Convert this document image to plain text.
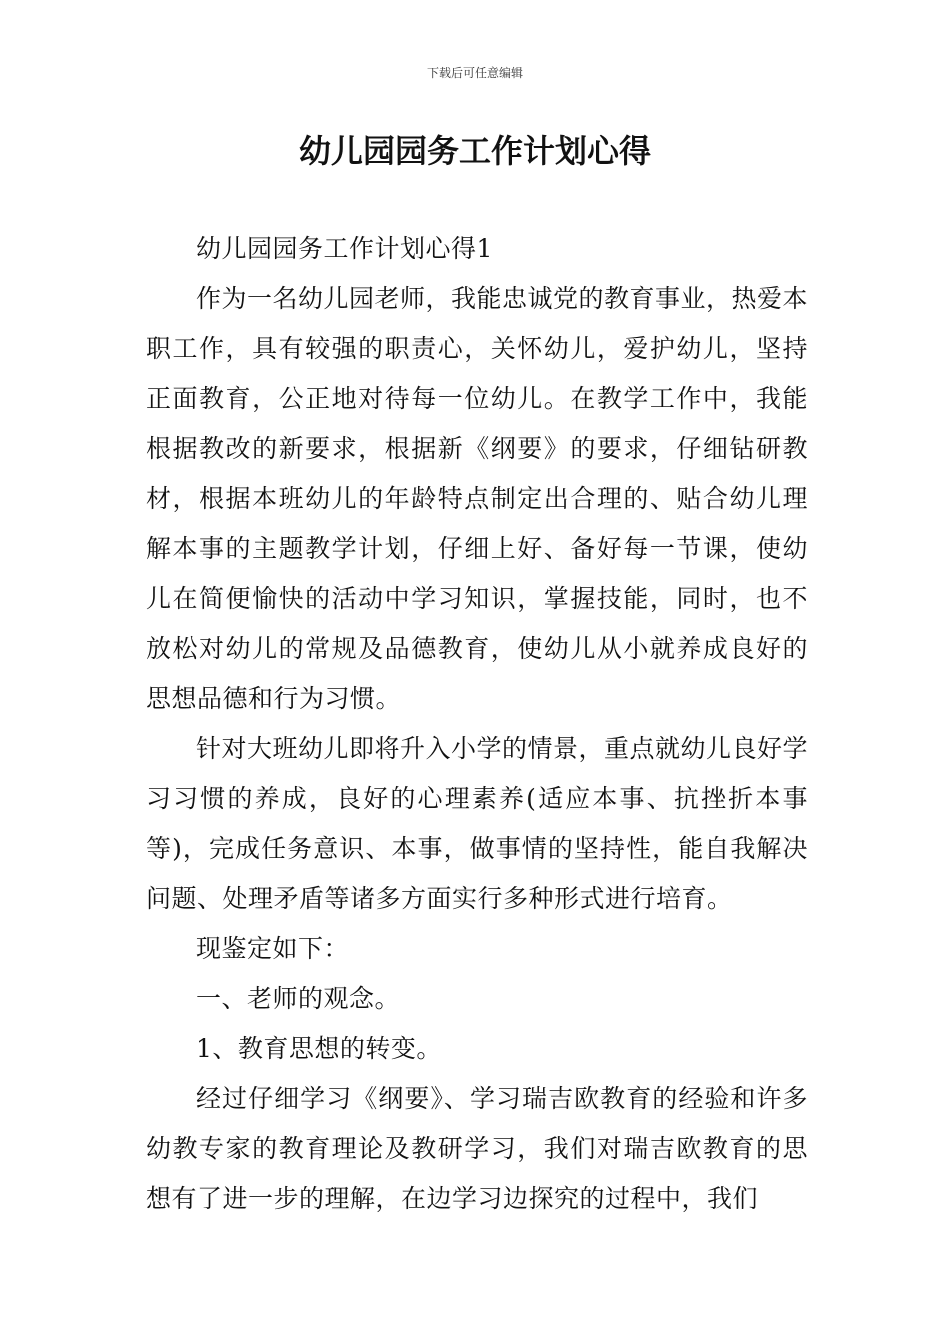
下载后可任意编辑
幼儿园园务工作计划心得

幼儿园园务工作计划心得1

作为一名幼儿园老师，我能忠诚党的教育事业，热爱本职工作，具有较强的职责心，关怀幼儿，爱护幼儿，坚持正面教育，公正地对待每一位幼儿。在教学工作中，我能根据教改的新要求，根据新《纲要》的要求，仔细钻研教材，根据本班幼儿的年龄特点制定出合理的、贴合幼儿理解本事的主题教学计划，仔细上好、备好每一节课，使幼儿在简便愉快的活动中学习知识，掌握技能，同时，也不放松对幼儿的常规及品德教育，使幼儿从小就养成良好的思想品德和行为习惯。

针对大班幼儿即将升入小学的情景，重点就幼儿良好学习习惯的养成，良好的心理素养(适应本事、抗挫折本事等)，完成任务意识、本事，做事情的坚持性，能自我解决问题、处理矛盾等诸多方面实行多种形式进行培育。

现鉴定如下：

一、老师的观念。

1、教育思想的转变。

经过仔细学习《纲要》、学习瑞吉欧教育的经验和许多幼教专家的教育理论及教研学习，我们对瑞吉欧教育的思想有了进一步的理解，在边学习边探究的过程中，我们
